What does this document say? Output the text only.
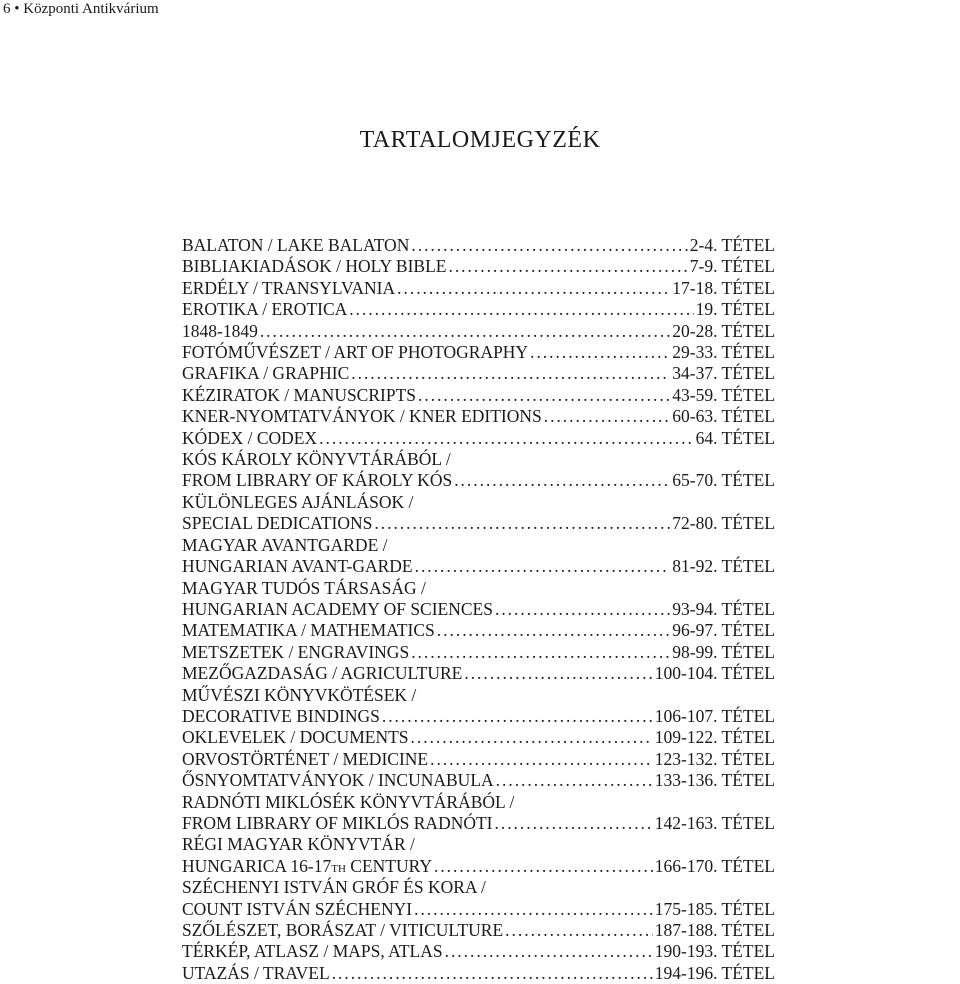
6 • Központi Antikvárium
TARTALOMJEGYZÉK
BALATON / LAKE BALATON . . .	2-4. TÉTEL
BIBLIAKIADÁSOK / HOLY BIBLE . . .	7-9. TÉTEL
ERDÉLY / TRANSYLVANIA . . .	17-18. TÉTEL
EROTIKA / EROTICA . . .	19. TÉTEL
1848-1849 . . .	20-28. TÉTEL
FOTÓMŰVÉSZET / ART OF PHOTOGRAPHY . . .	29-33. TÉTEL
GRAFIKA / GRAPHIC . . .	34-37. TÉTEL
KÉZIRATOK / MANUSCRIPTS . . .	43-59. TÉTEL
KNER-NYOMTATVÁNYOK / KNER EDITIONS . . .	60-63. TÉTEL
KÓDEX / CODEX . . .	64. TÉTEL
KÓS KÁROLY KÖNYVTÁRÁBÓL /
FROM LIBRARY OF KÁROLY KÓS . . .	65-70. TÉTEL
KÜLÖNLEGES AJÁNLÁSOK /
SPECIAL DEDICATIONS . . .	72-80. TÉTEL
MAGYAR AVANTGARDE /
HUNGARIAN AVANT-GARDE . . .	81-92. TÉTEL
MAGYAR TUDÓS TÁRSASÁG /
HUNGARIAN ACADEMY OF SCIENCES . . .	93-94. TÉTEL
MATEMATIKA / MATHEMATICS . . .	96-97. TÉTEL
METSZETEK / ENGRAVINGS . . .	98-99. TÉTEL
MEZŐGAZDASÁG / AGRICULTURE . . .	100-104. TÉTEL
MŰVÉSZI KÖNYVKÖTÉSEK /
DECORATIVE BINDINGS . . .	106-107. TÉTEL
OKLEVELEK / DOCUMENTS . . .	109-122. TÉTEL
ORVOSTÖRTÉNET / MEDICINE . . .	123-132. TÉTEL
ŐSNYOMTATVÁNYOK / INCUNABULA . . .	133-136. TÉTEL
RADNÓTI MIKLÓSÉK KÖNYVTÁRÁBÓL /
FROM LIBRARY OF MIKLÓS RADNÓTI . . .	142-163. TÉTEL
RÉGI MAGYAR KÖNYVTÁR /
HUNGARICA 16-17 TH CENTURY . . .	166-170. TÉTEL
SZÉCHENYI ISTVÁN GRÓF ÉS KORA /
COUNT ISTVÁN SZÉCHENYI . . .	175-185. TÉTEL
SZŐLÉSZET, BORÁSZAT / VITICULTURE . . .	187-188. TÉTEL
TÉRKÉP, ATLASZ / MAPS, ATLAS . . .	190-193. TÉTEL
UTAZÁS / TRAVEL . . .	194-196. TÉTEL
